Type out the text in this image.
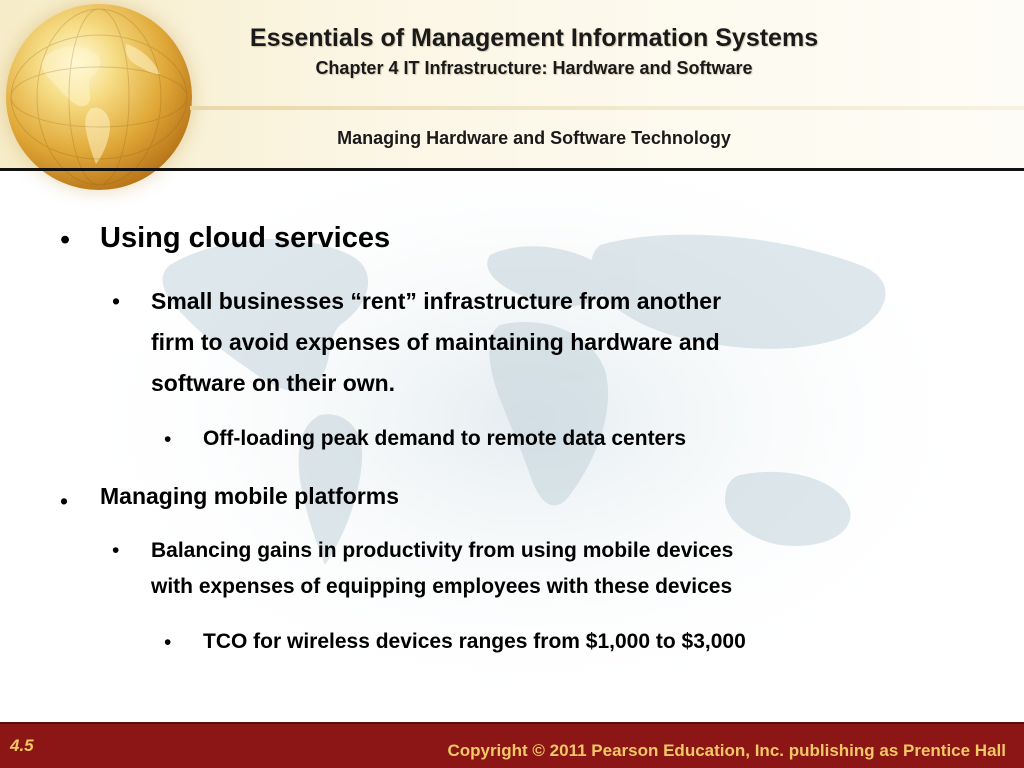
Essentials of Management Information Systems
Chapter 4 IT Infrastructure: Hardware and Software
Managing Hardware and Software Technology
• Using cloud services
• Small businesses “rent” infrastructure from another
firm to avoid expenses of maintaining hardware and
software on their own.
• Off-loading peak demand to remote data centers
• Managing mobile platforms
• Balancing gains in productivity from using mobile devices
with expenses of equipping employees with these devices
• TCO for wireless devices ranges from $1,000 to $3,000
4.5	Copyright © 2011 Pearson Education, Inc. publishing as Prentice Hall
